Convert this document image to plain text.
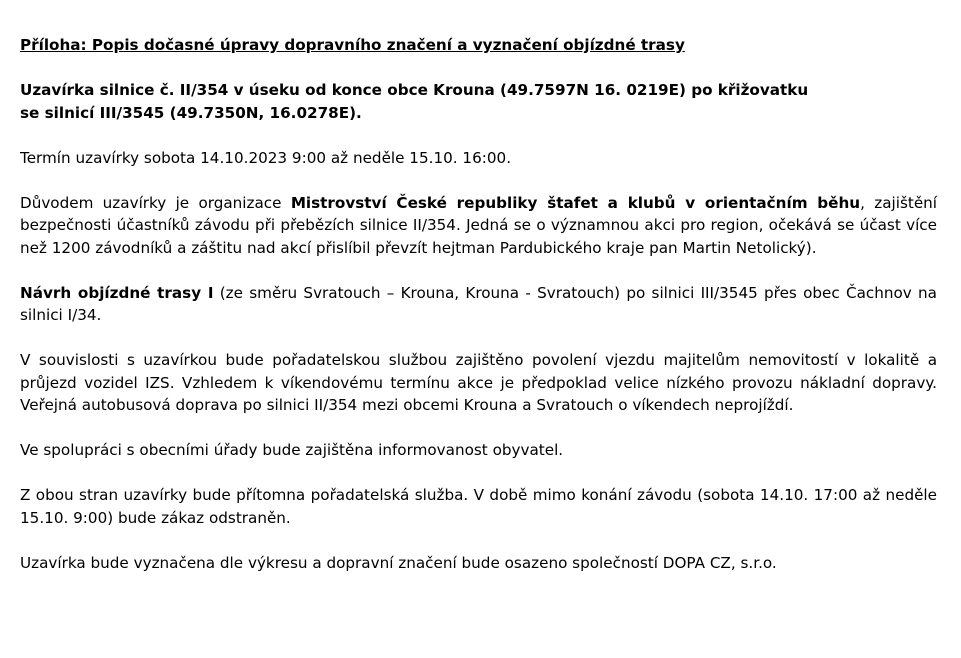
Příloha: Popis dočasné úpravy dopravního značení a vyznačení objízdné trasy

Uzavírka silnice č. II/354 v úseku od konce obce Krouna (49.7597N 16. 0219E) po křižovatku
se silnicí III/3545 (49.7350N, 16.0278E).

Termín uzavírky sobota 14.10.2023 9:00 až neděle 15.10. 16:00.

Důvodem uzavírky je organizace Mistrovství České republiky štafet a klubů v orientačním běhu, zajištění bezpečnosti účastníků závodu při přebězích silnice II/354. Jedná se o významnou akci pro region, očekává se účast více než 1200 závodníků a záštitu nad akcí přislíbil převzít hejtman Pardubického kraje pan Martin Netolický).

Návrh objízdné trasy I (ze směru Svratouch – Krouna, Krouna - Svratouch) po silnici III/3545 přes obec Čachnov na silnici I/34.

V souvislosti s uzavírkou bude pořadatelskou službou zajištěno povolení vjezdu majitelům nemovitostí v lokalitě a průjezd vozidel IZS. Vzhledem k víkendovému termínu akce je předpoklad velice nízkého provozu nákladní dopravy. Veřejná autobusová doprava po silnici II/354 mezi obcemi Krouna a Svratouch o víkendech neprojíždí.

Ve spolupráci s obecními úřady bude zajištěna informovanost obyvatel.

Z obou stran uzavírky bude přítomna pořadatelská služba. V době mimo konání závodu (sobota 14.10. 17:00 až neděle 15.10. 9:00) bude zákaz odstraněn.

Uzavírka bude vyznačena dle výkresu a dopravní značení bude osazeno společností DOPA CZ, s.r.o.
